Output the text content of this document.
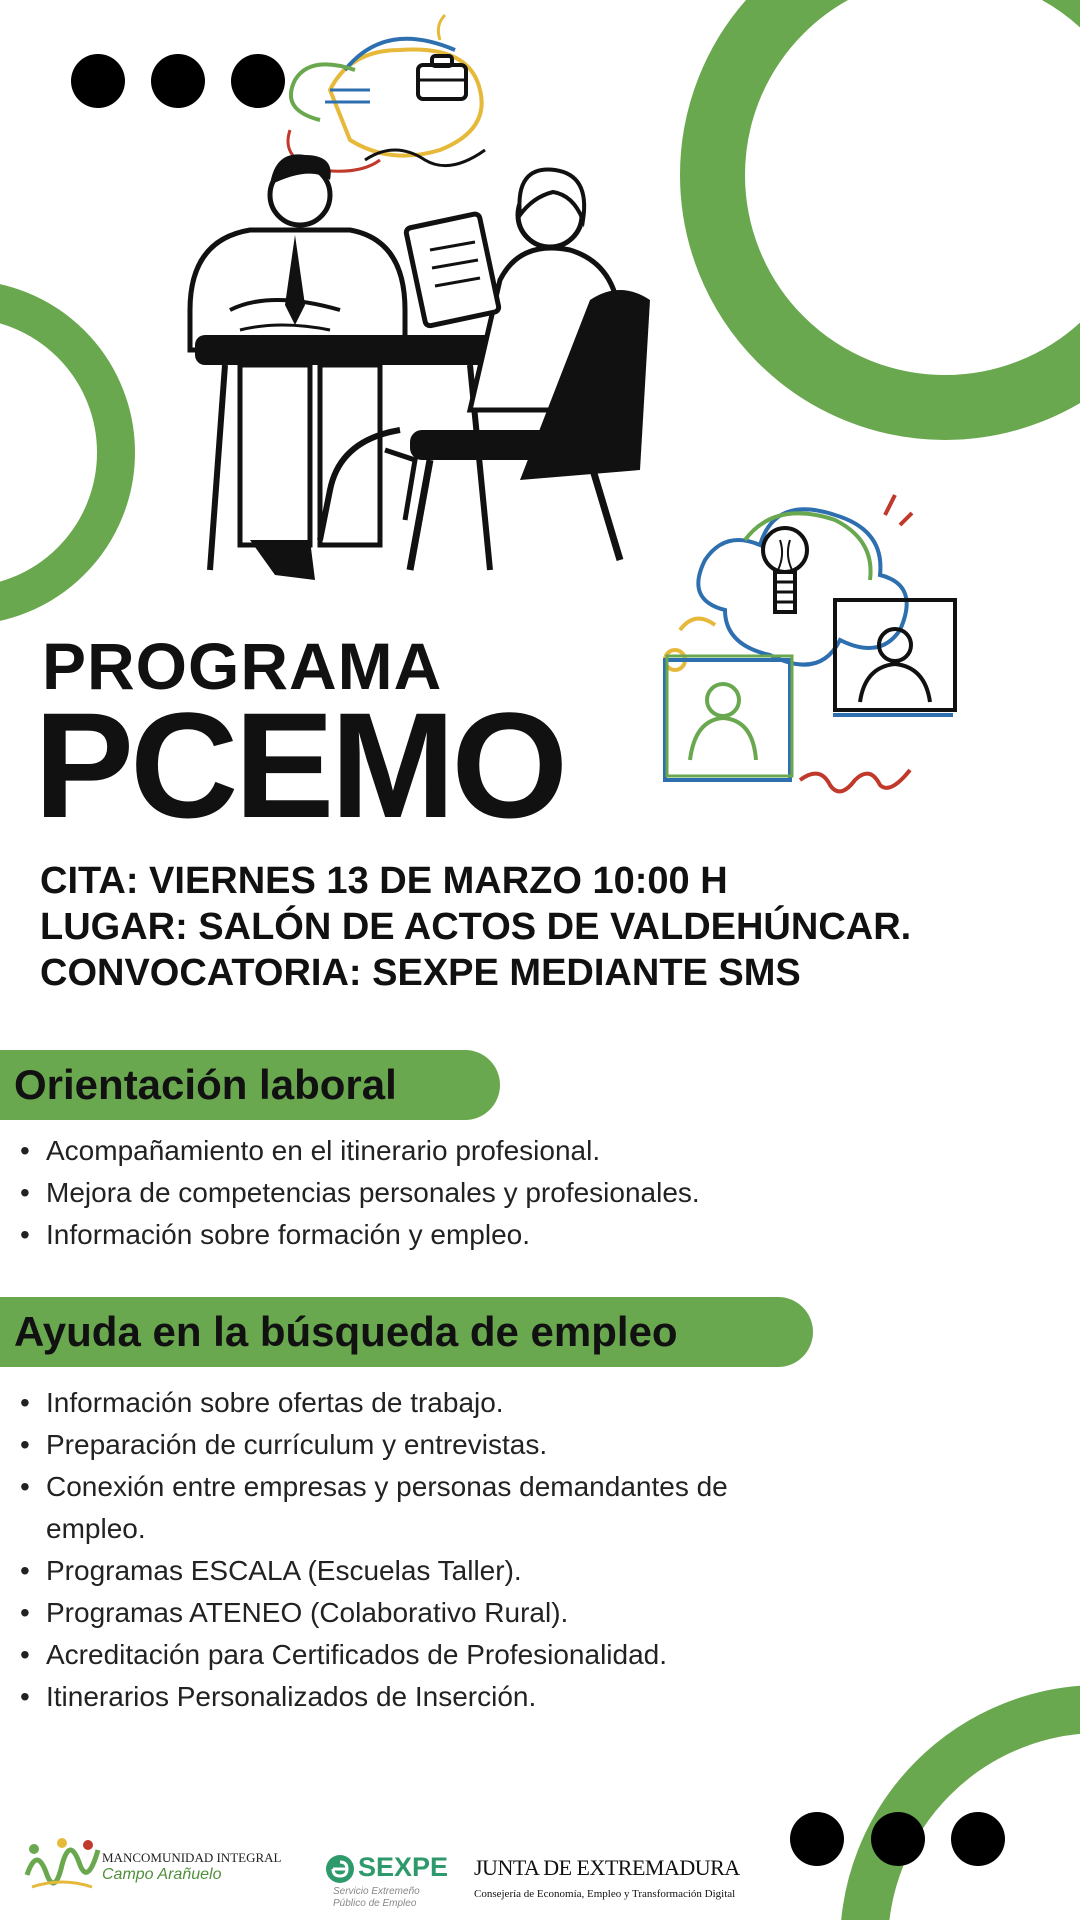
PROGRAMA
PCEMO
CITA: VIERNES 13 DE MARZO 10:00 H
LUGAR: SALÓN DE ACTOS DE VALDEHÚNCAR.
CONVOCATORIA: SEXPE MEDIANTE SMS
Orientación laboral
• Acompañamiento en el itinerario profesional.
• Mejora de competencias personales y profesionales.
• Información sobre formación y empleo.
Ayuda en la búsqueda de empleo
• Información sobre ofertas de trabajo.
• Preparación de currículum y entrevistas.
• Conexión entre empresas y personas demandantes de empleo.
• Programas ESCALA (Escuelas Taller).
• Programas ATENEO (Colaborativo Rural).
• Acreditación para Certificados de Profesionalidad.
• Itinerarios Personalizados de Inserción.
MANCOMUNIDAD INTEGRAL
Campo Arañuelo	SEXPE
Servicio Extremeño
Público de Empleo
JUNTA DE EXTREMADURA
Consejería de Economía, Empleo y Transformación Digital
